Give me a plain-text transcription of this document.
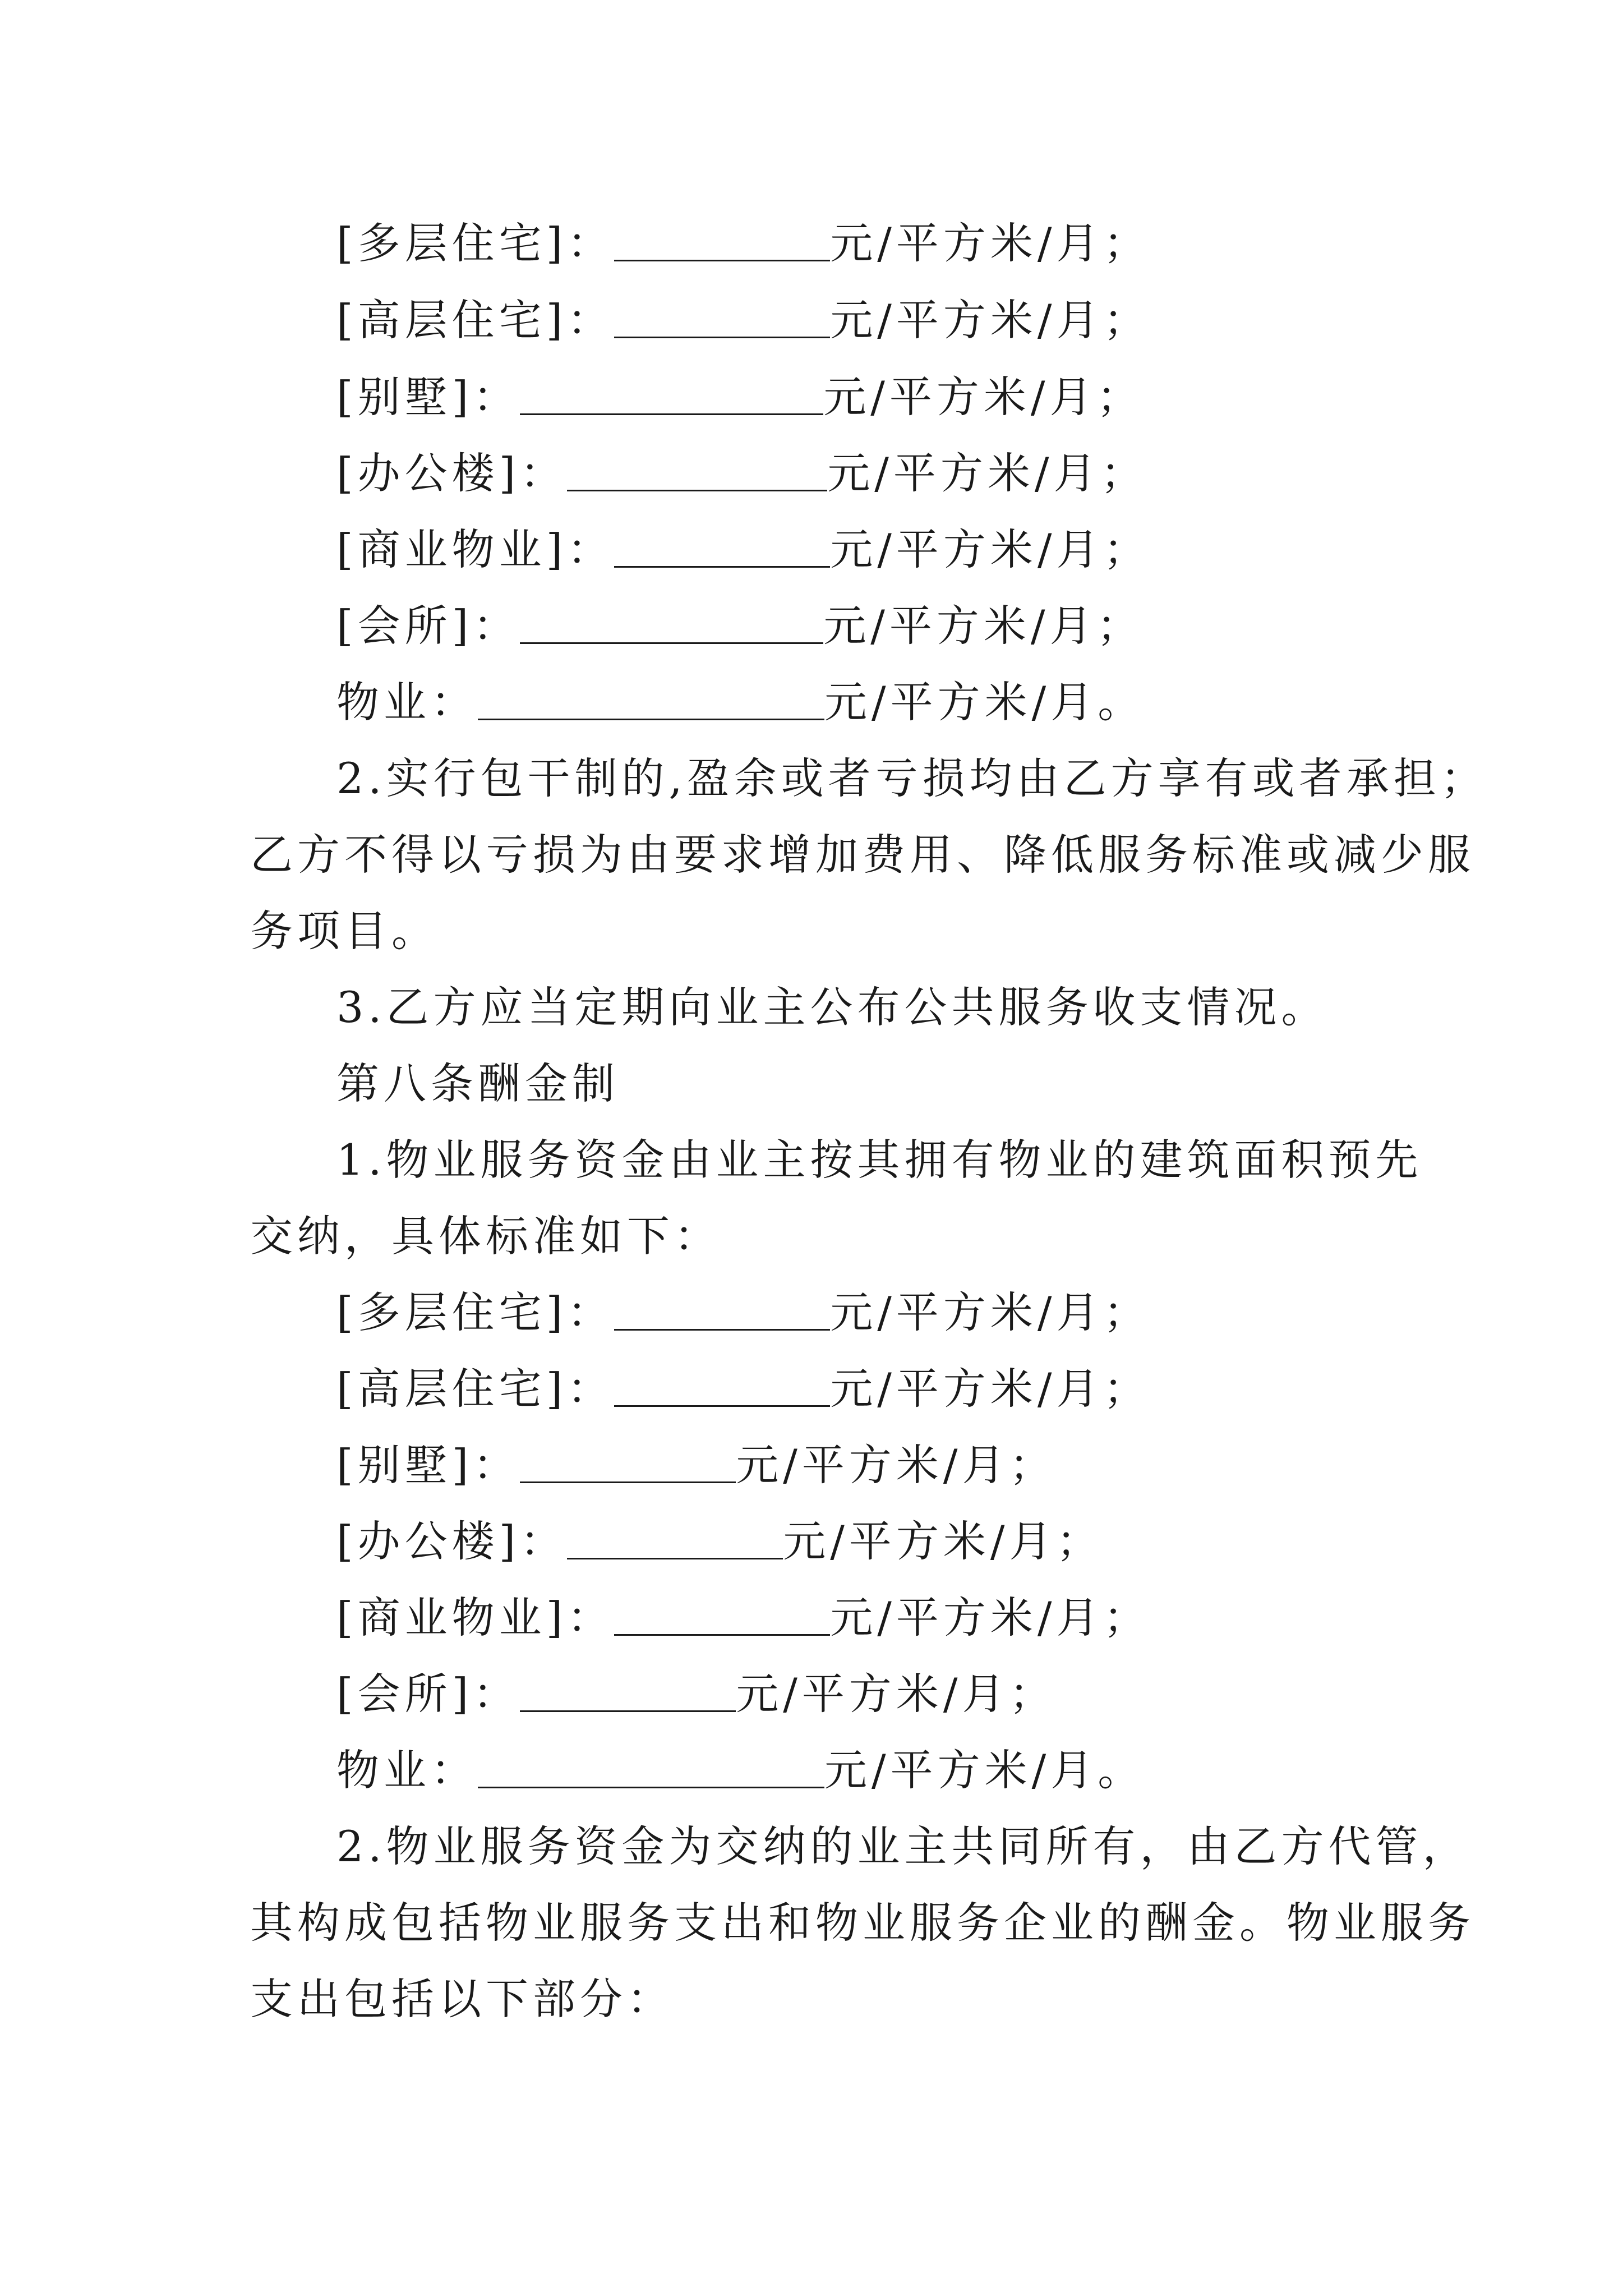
[多层住宅]：	元/平方米/月；
[高层住宅]：	元/平方米/月；
[别墅]：	元/平方米/月；
[办公楼]：	元/平方米/月；
[商业物业]：	元/平方米/月；
[会所]：	元/平方米/月；
物业：	元/平方米/月。
2.实行包干制的,盈余或者亏损均由乙方享有或者承担；
乙方不得以亏损为由要求增加费用、降低服务标准或减少服
务项目。
3.乙方应当定期向业主公布公共服务收支情况。
第八条酬金制
1.物业服务资金由业主按其拥有物业的建筑面积预先
交纳，具体标准如下：
[多层住宅]：	元/平方米/月；
[高层住宅]：	元/平方米/月；
[别墅]：	元/平方米/月；
[办公楼]：	元/平方米/月；
[商业物业]：	元/平方米/月；
[会所]：	元/平方米/月；
物业：	元/平方米/月。
2.物业服务资金为交纳的业主共同所有，由乙方代管，
其构成包括物业服务支出和物业服务企业的酬金。物业服务
支出包括以下部分：
